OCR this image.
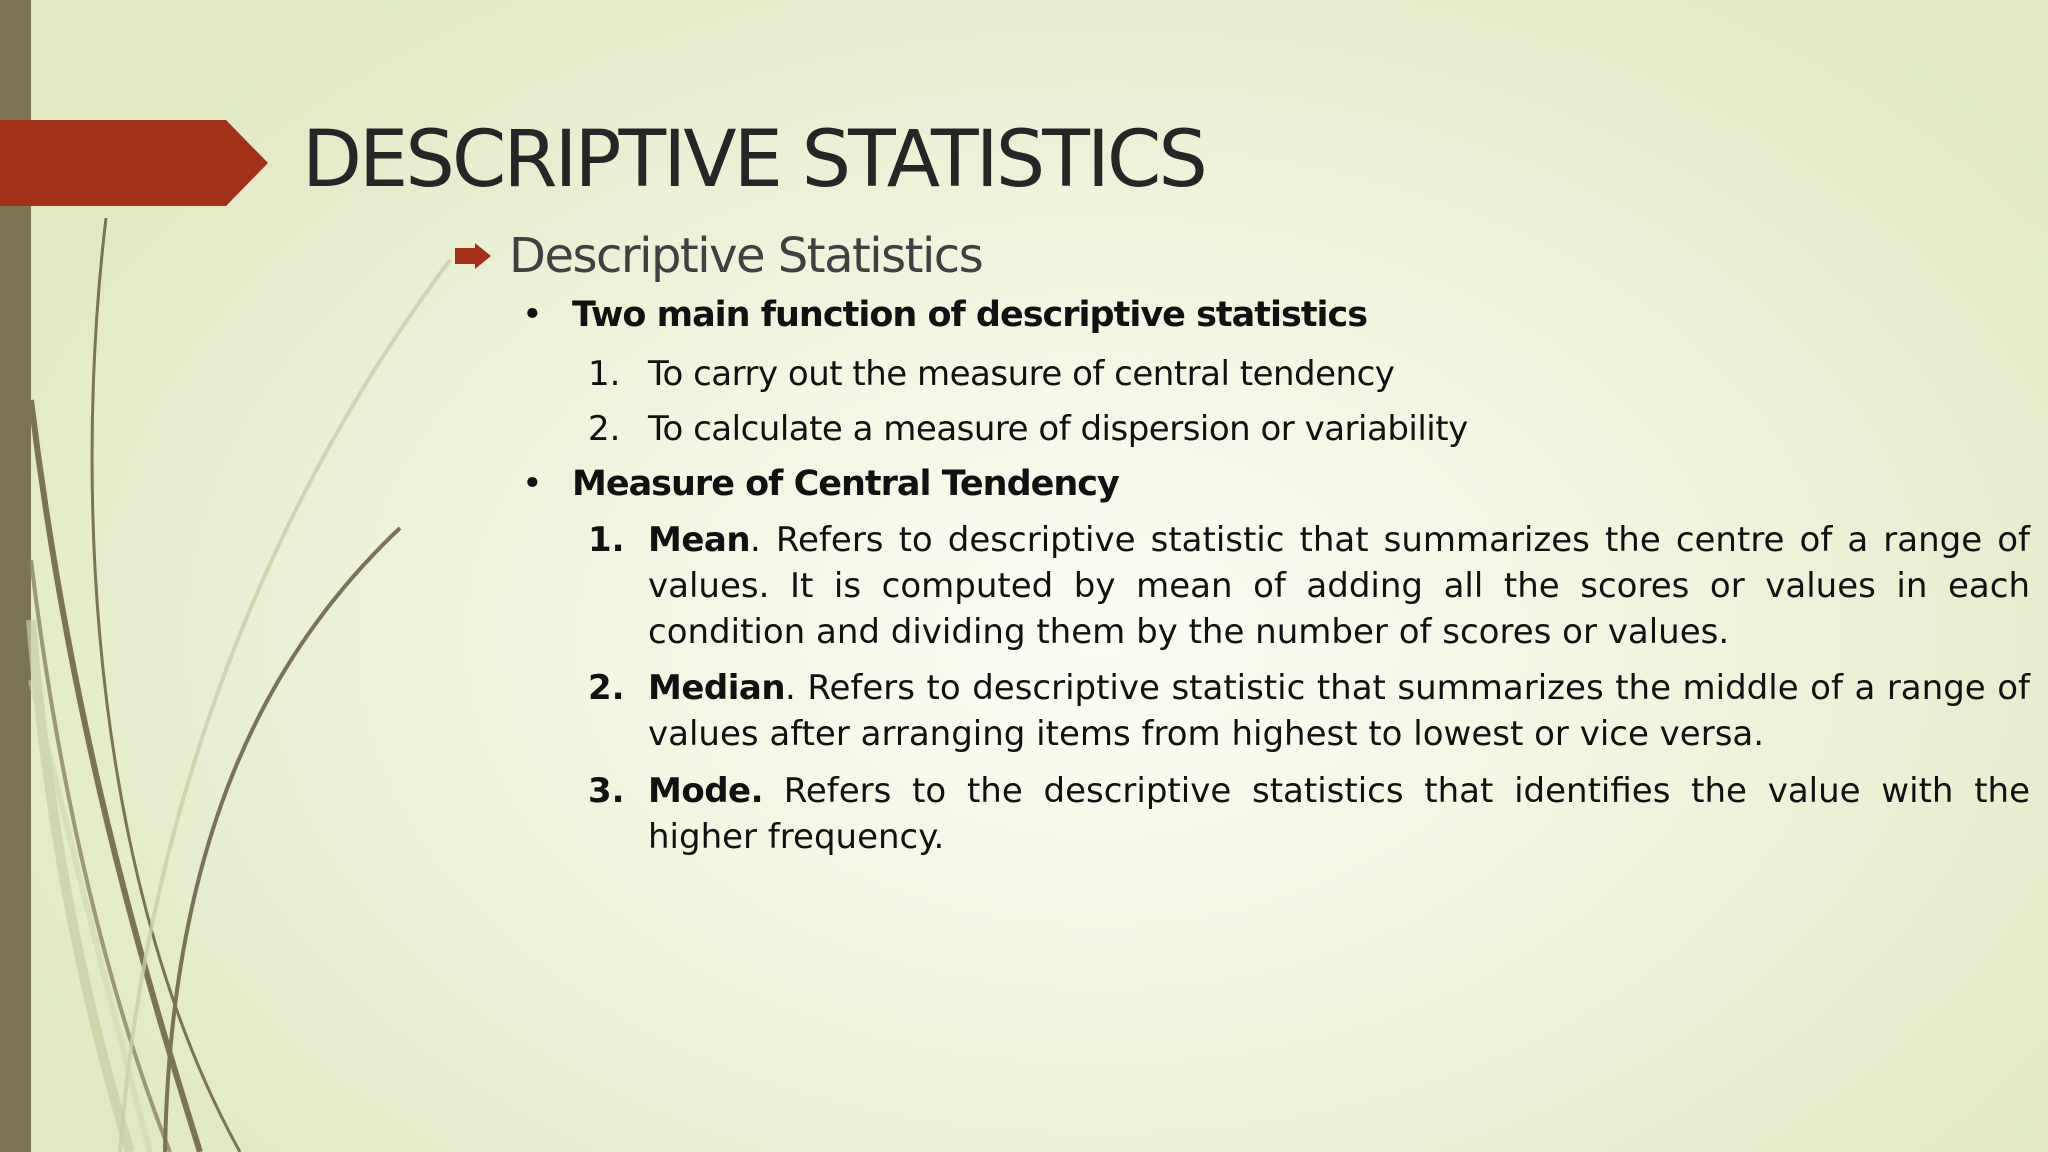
DESCRIPTIVE STATISTICS
Descriptive Statistics
• Two main function of descriptive statistics
1. To carry out the measure of central tendency
2. To calculate a measure of dispersion or variability
• Measure of Central Tendency
1. Mean. Refers to descriptive statistic that summarizes the centre of a range of values. It is computed by mean of adding all the scores or values in each condition and dividing them by the number of scores or values.
2. Median. Refers to descriptive statistic that summarizes the middle of a range of values after arranging items from highest to lowest or vice versa.
3. Mode. Refers to the descriptive statistics that identifies the value with the higher frequency.
